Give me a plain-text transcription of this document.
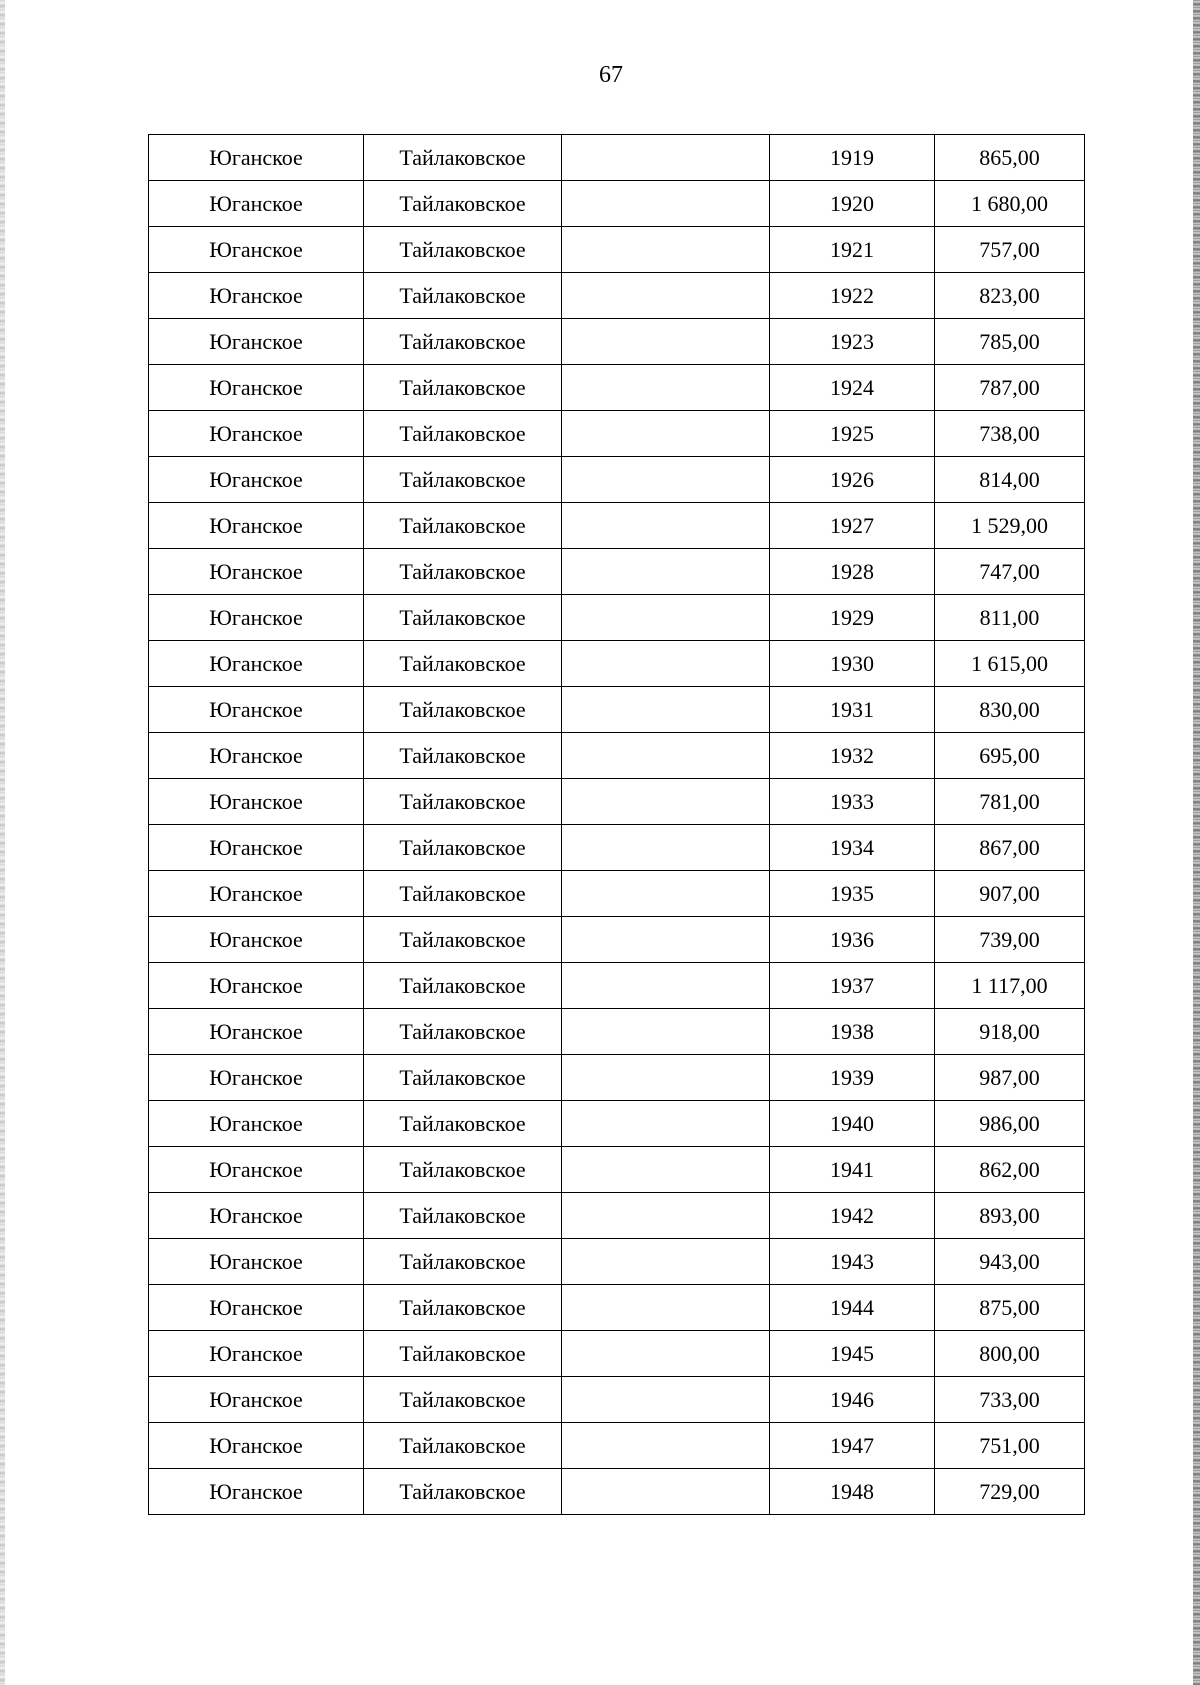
67
Юганское	Тайлаковское		1919	865,00
Юганское	Тайлаковское		1920	1 680,00
Юганское	Тайлаковское		1921	757,00
Юганское	Тайлаковское		1922	823,00
Юганское	Тайлаковское		1923	785,00
Юганское	Тайлаковское		1924	787,00
Юганское	Тайлаковское		1925	738,00
Юганское	Тайлаковское		1926	814,00
Юганское	Тайлаковское		1927	1 529,00
Юганское	Тайлаковское		1928	747,00
Юганское	Тайлаковское		1929	811,00
Юганское	Тайлаковское		1930	1 615,00
Юганское	Тайлаковское		1931	830,00
Юганское	Тайлаковское		1932	695,00
Юганское	Тайлаковское		1933	781,00
Юганское	Тайлаковское		1934	867,00
Юганское	Тайлаковское		1935	907,00
Юганское	Тайлаковское		1936	739,00
Юганское	Тайлаковское		1937	1 117,00
Юганское	Тайлаковское		1938	918,00
Юганское	Тайлаковское		1939	987,00
Юганское	Тайлаковское		1940	986,00
Юганское	Тайлаковское		1941	862,00
Юганское	Тайлаковское		1942	893,00
Юганское	Тайлаковское		1943	943,00
Юганское	Тайлаковское		1944	875,00
Юганское	Тайлаковское		1945	800,00
Юганское	Тайлаковское		1946	733,00
Юганское	Тайлаковское		1947	751,00
Юганское	Тайлаковское		1948	729,00
